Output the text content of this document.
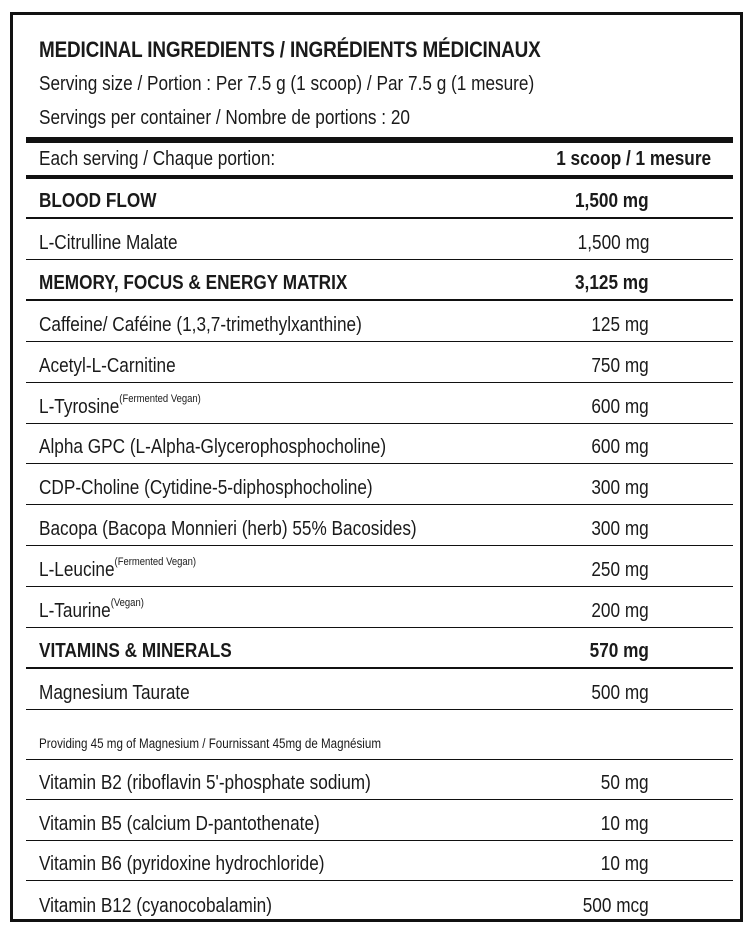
MEDICINAL INGREDIENTS / INGRÉDIENTS MÉDICINAUX
Serving size / Portion : Per 7.5 g (1 scoop) / Par 7.5 g (1 mesure)
Servings per container / Nombre de portions : 20
Each serving / Chaque portion:	1 scoop / 1 mesure
BLOOD FLOW	1,500 mg
L-Citrulline Malate	1,500 mg
MEMORY, FOCUS & ENERGY MATRIX	3,125 mg
Caffeine/ Caféine (1,3,7-trimethylxanthine)	125 mg
Acetyl-L-Carnitine	750 mg
L-Tyrosine$^{(Fermented Vegan)}$	600 mg
Alpha GPC (L-Alpha-Glycerophosphocholine)	600 mg
CDP-Choline (Cytidine-5-diphosphocholine)	300 mg
Bacopa (Bacopa Monnieri (herb) 55% Bacosides)	300 mg
L-Leucine$^{(Fermented Vegan)}$	250 mg
L-Taurine$^{(Vegan)}$	200 mg
VITAMINS & MINERALS	570 mg
Magnesium Taurate	500 mg
Providing 45 mg of Magnesium / Fournissant 45mg de Magnésium
Vitamin B2 (riboflavin 5'-phosphate sodium)	50 mg
Vitamin B5 (calcium D-pantothenate)	10 mg
Vitamin B6 (pyridoxine hydrochloride)	10 mg
Vitamin B12 (cyanocobalamin)	500 mcg
